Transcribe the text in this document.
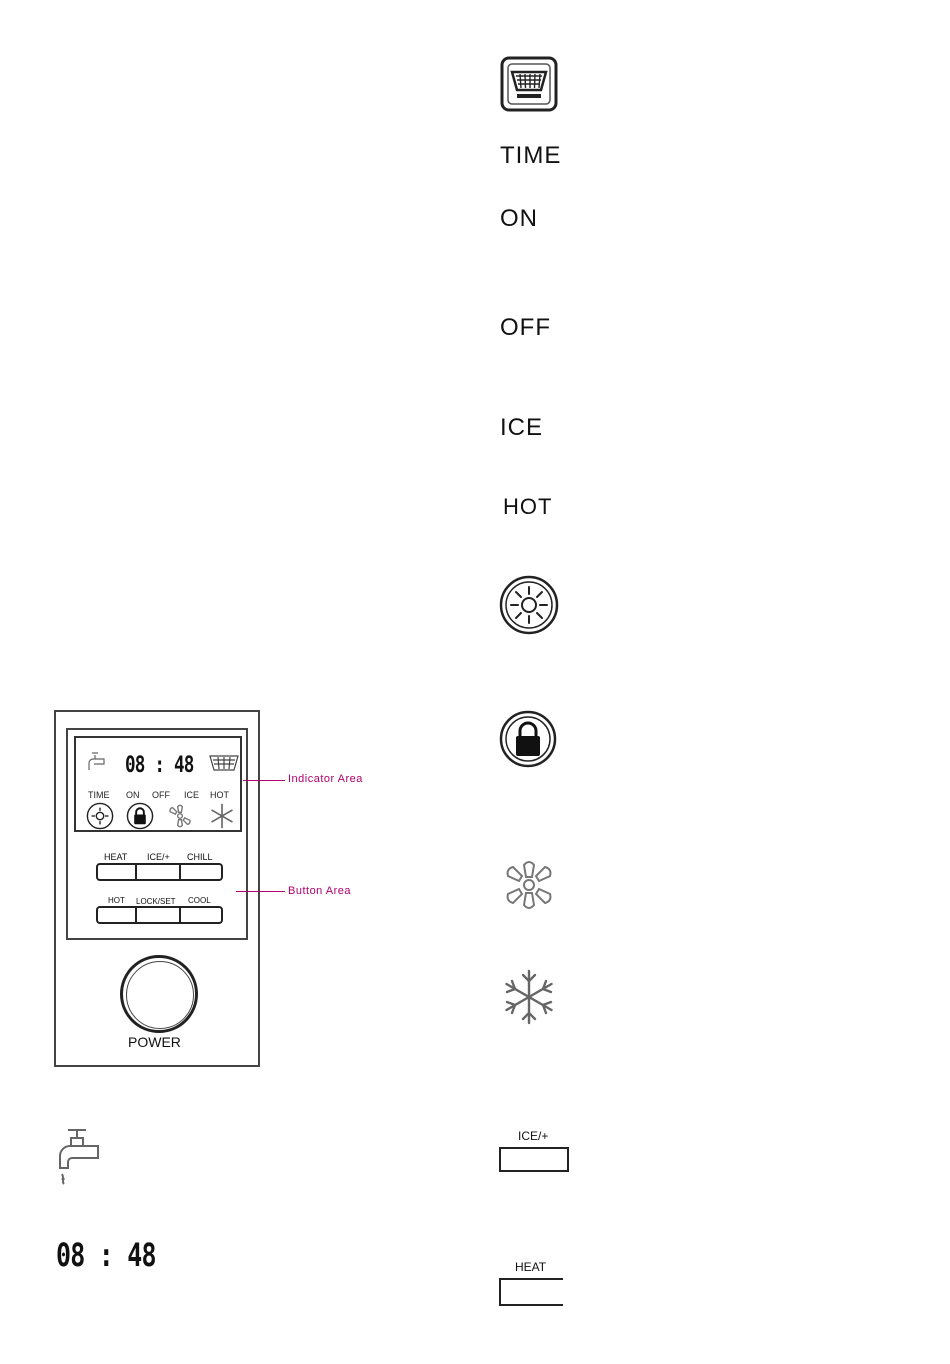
TIME
ON
OFF
ICE
HOT
ICE/+
HEAT
08 : 48
TIME ON OFF ICE HOT
HEAT ICE/+ CHILL
HOT LOCK/SET COOL
POWER
Indicator Area
Button Area
08 : 48
